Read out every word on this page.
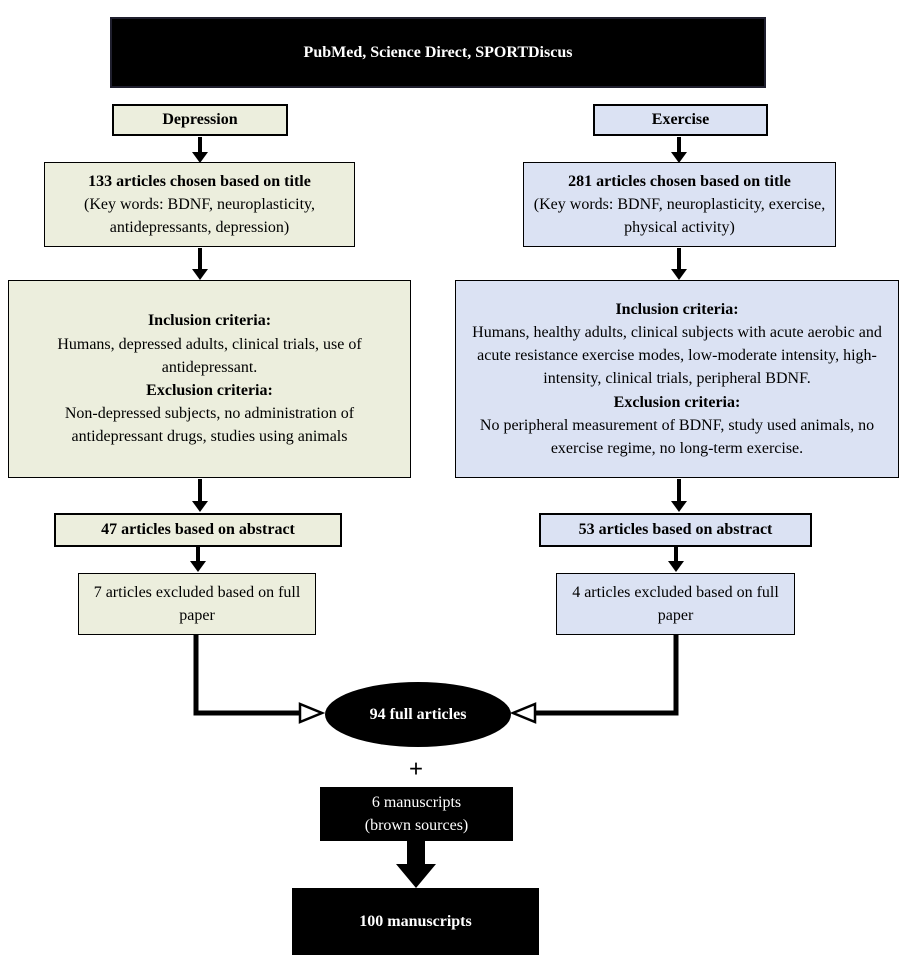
PubMed, Science Direct, SPORTDiscus
Depression	Exercise
133 articles chosen based on title
(Key words: BDNF, neuroplasticity, antidepressants, depression)
281 articles chosen based on title
(Key words: BDNF, neuroplasticity, exercise, physical activity)
Inclusion criteria:
Humans, depressed adults, clinical trials, use of antidepressant.
Exclusion criteria:
Non-depressed subjects, no administration of antidepressant drugs, studies using animals
Inclusion criteria:
Humans, healthy adults, clinical subjects with acute aerobic and acute resistance exercise modes, low-moderate intensity, high-intensity, clinical trials, peripheral BDNF.
Exclusion criteria:
No peripheral measurement of BDNF, study used animals, no exercise regime, no long-term exercise.
47 articles based on abstract	53 articles based on abstract
7 articles excluded based on full paper
4 articles excluded based on full paper
94 full articles
+
6 manuscripts
(brown sources)
100 manuscripts
